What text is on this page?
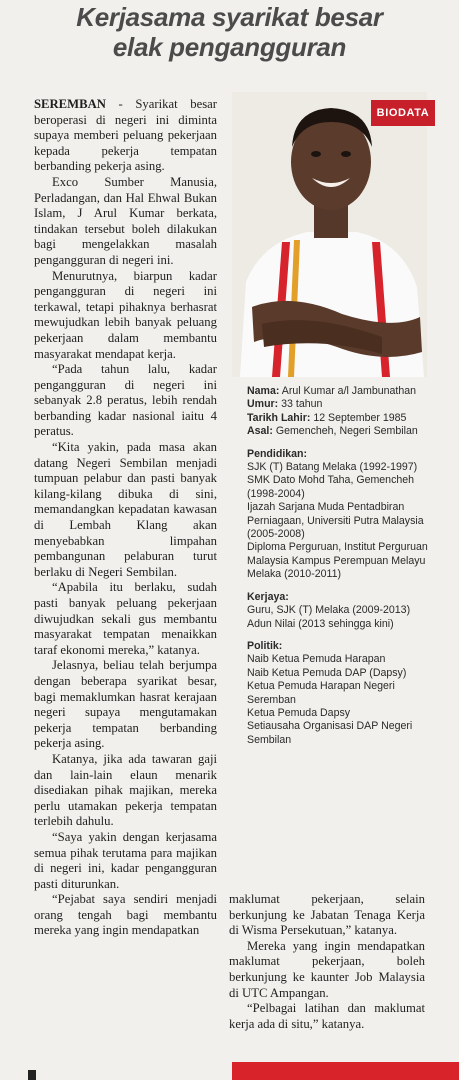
Kerjasama syarikat besar
elak pengangguran

SEREMBAN - Syarikat besar beroperasi di negeri ini diminta supaya memberi peluang pekerjaan kepada pekerja tempatan berbanding pekerja asing.

Exco Sumber Manusia, Perladangan, dan Hal Ehwal Bukan Islam, J Arul Kumar berkata, tindakan tersebut boleh dilakukan bagi mengelakkan masalah pengangguran di negeri ini.

Menurutnya, biarpun kadar pengangguran di negeri ini terkawal, tetapi pihaknya berhasrat mewujudkan lebih banyak peluang pekerjaan dalam membantu masyarakat mendapat kerja.

“Pada tahun lalu, kadar pengangguran di negeri ini sebanyak 2.8 peratus, lebih rendah berbanding kadar nasional iaitu 4 peratus.

“Kita yakin, pada masa akan datang Negeri Sembilan menjadi tumpuan pelabur dan pasti banyak kilang-kilang dibuka di sini, memandangkan kepadatan kawasan di Lembah Klang akan menyebabkan limpahan pembangunan pelaburan turut berlaku di Negeri Sembilan.

“Apabila itu berlaku, sudah pasti banyak peluang pekerjaan diwujudkan sekali gus membantu masyarakat tempatan menaikkan taraf ekonomi mereka,” katanya.

Jelasnya, beliau telah berjumpa dengan beberapa syarikat besar, bagi memaklumkan hasrat kerajaan negeri supaya mengutamakan pekerja tempatan berbanding pekerja asing.

Katanya, jika ada tawaran gaji dan lain-lain elaun menarik disediakan pihak majikan, mereka perlu utamakan pekerja tempatan terlebih dahulu.

“Saya yakin dengan kerjasama semua pihak terutama para majikan di negeri ini, kadar pengangguran pasti diturunkan.

“Pejabat saya sendiri menjadi orang tengah bagi membantu mereka yang ingin mendapatkan

BIODATA

Nama: Arul Kumar a/l Jambunathan

Umur: 33 tahun

Tarikh Lahir: 12 September 1985

Asal: Gemencheh, Negeri Sembilan

Pendidikan:

SJK (T) Batang Melaka (1992-1997)

SMK Dato Mohd Taha, Gemencheh (1998-2004)

Ijazah Sarjana Muda Pentadbiran Perniagaan, Universiti Putra Malaysia (2005-2008)

Diploma Perguruan, Institut Perguruan Malaysia Kampus Perempuan Melayu Melaka (2010-2011)

Kerjaya:

Guru, SJK (T) Melaka (2009-2013)

Adun Nilai (2013 sehingga kini)

Politik:

Naib Ketua Pemuda Harapan

Naib Ketua Pemuda DAP (Dapsy)

Ketua Pemuda Harapan Negeri Seremban

Ketua Pemuda Dapsy

Setiausaha Organisasi DAP Negeri Sembilan

maklumat pekerjaan, selain berkunjung ke Jabatan Tenaga Kerja di Wisma Persekutuan,” katanya.

Mereka yang ingin mendapatkan maklumat pekerjaan, boleh berkunjung ke kaunter Job Malaysia di UTC Ampangan.

“Pelbagai latihan dan maklumat kerja ada di situ,” katanya.
